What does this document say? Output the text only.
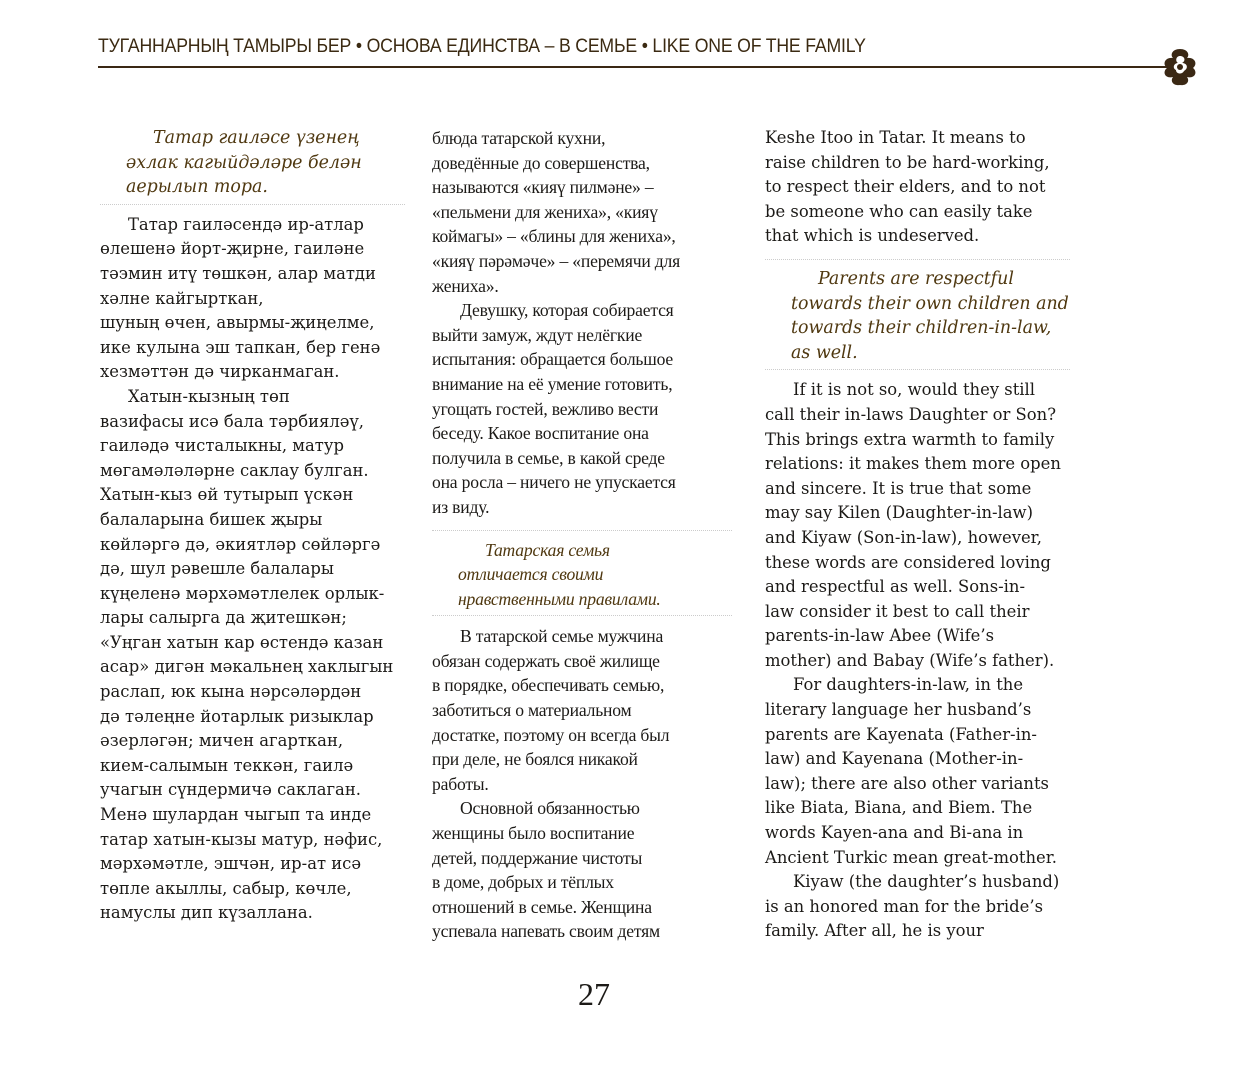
ТУГАННАРНЫҢ ТАМЫРЫ БЕР • ОСНОВА ЕДИНСТВА – В СЕМЬЕ • LIKE ONE OF THE FAMILY
Татар гаиләсе үзенең
әхлак кагыйдәләре белән
аерылып тора.
Татар гаиләсендә ир-атлар
өлешенә йорт-җирне, гаиләне
тәэмин итү төшкән, алар матди
хәлне кайгырткан,
шуның өчен, авырмы-җиңелме,
ике кулына эш тапкан, бер генә
хезмәттән дә чирканмаган.
Хатын-кызның төп
вазифасы исә бала тәрбияләү,
гаиләдә чисталыкны, матур
мөгамәләләрне саклау булган.
Хатын-кыз өй тутырып үскән
балаларына бишек җыры
көйләргә дә, әкиятләр сөйләргә
дә, шул рәвешле балалары
күңеленә мәрхәмәтлелек орлык-
лары салырга да җитешкән;
«Уңган хатын кар өстендә казан
асар» дигән мәкальнең хаклыгын
раслап, юк кына нәрсәләрдән
дә тәлеңне йотарлык ризыклар
әзерләгән; мичен агарткан,
кием-салымын теккән, гаилә
учагын сүндермичә саклаган.
Менә шулардан чыгып та инде
татар хатын-кызы матур, нәфис,
мәрхәмәтле, эшчән, ир-ат исә
төпле акыллы, сабыр, көчле,
намуслы дип күзаллана.
блюда татарской кухни,
доведённые до совершенства,
называются «кияү пилмәне» –
«пельмени для жениха», «кияү
коймагы» – «блины для жениха»,
«кияү пәрәмәче» – «перемячи для
жениха».
Девушку, которая собирается
выйти замуж, ждут нелёгкие
испытания: обращается большое
внимание на её умение готовить,
угощать гостей, вежливо вести
беседу. Какое воспитание она
получила в семье, в какой среде
она росла – ничего не упускается
из виду.
Татарская семья
отличается своими
нравственными правилами.
В татарской семье мужчина
обязан содержать своё жилище
в порядке, обеспечивать семью,
заботиться о материальном
достатке, поэтому он всегда был
при деле, не боялся никакой
работы.
Основной обязанностью
женщины было воспитание
детей, поддержание чистоты
в доме, добрых и тёплых
отношений в семье. Женщина
успевала напевать своим детям
Keshe Itoo in Tatar. It means to
raise children to be hard-working,
to respect their elders, and to not
be someone who can easily take
that which is undeserved.
Parents are respectful
towards their own children and
towards their children-in-law,
as well.
If it is not so, would they still
call their in-laws Daughter or Son?
This brings extra warmth to family
relations: it makes them more open
and sincere. It is true that some
may say Kilen (Daughter-in-law)
and Kiyaw (Son-in-law), however,
these words are considered loving
and respectful as well. Sons-in-
law consider it best to call their
parents-in-law Abee (Wife’s
mother) and Babay (Wife’s father).
For daughters-in-law, in the
literary language her husband’s
parents are Kayenata (Father-in-
law) and Kayenana (Mother-in-
law); there are also other variants
like Biata, Biana, and Biem. The
words Kayen-ana and Bi-ana in
Ancient Turkic mean great-mother.
Kiyaw (the daughter’s husband)
is an honored man for the bride’s
family. After all, he is your
27
